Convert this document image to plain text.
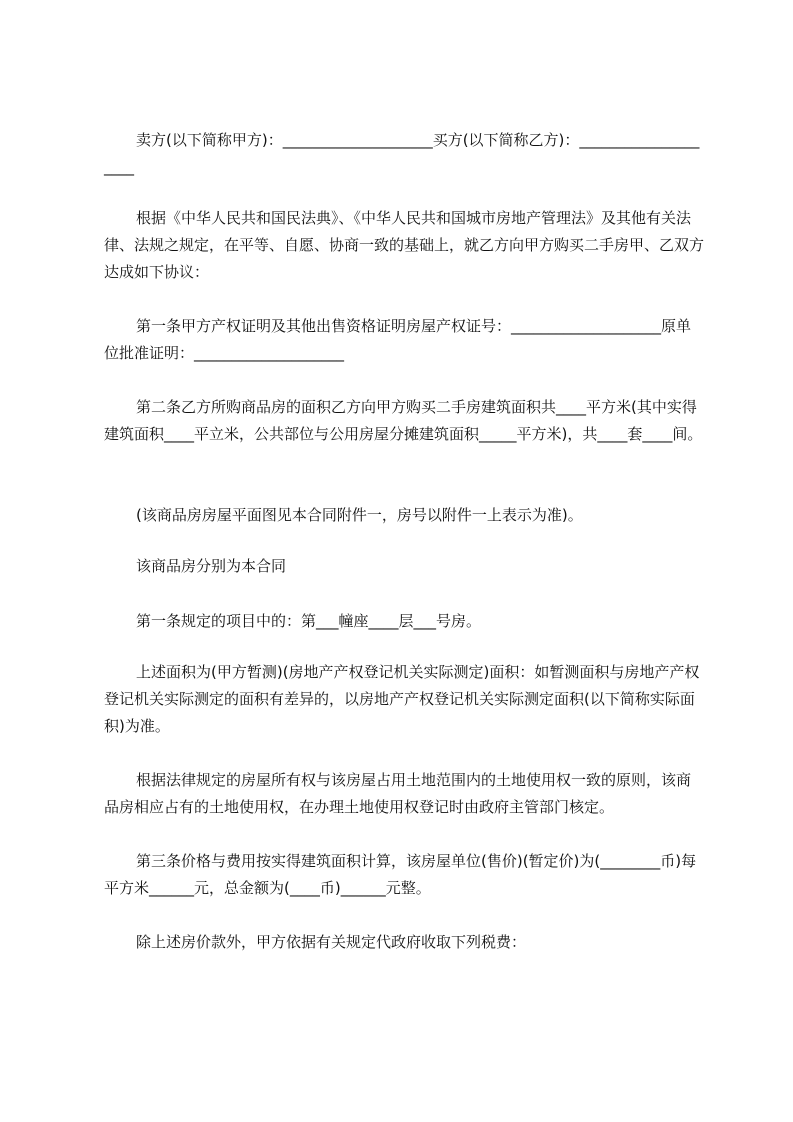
卖方(以下简称甲方)：____________________买方(以下简称乙方)：____________________

根据《中华人民共和国民法典》、《中华人民共和国城市房地产管理法》及其他有关法律、法规之规定，在平等、自愿、协商一致的基础上，就乙方向甲方购买二手房甲、乙双方达成如下协议：

第一条甲方产权证明及其他出售资格证明房屋产权证号：____________________原单位批准证明：____________________

第二条乙方所购商品房的面积乙方向甲方购买二手房建筑面积共____平方米(其中实得建筑面积____平立米，公共部位与公用房屋分摊建筑面积_____平方米)，共____套____间。

(该商品房房屋平面图见本合同附件一，房号以附件一上表示为准)。

该商品房分别为本合同

第一条规定的项目中的：第___幢座____层___号房。

上述面积为(甲方暂测)(房地产产权登记机关实际测定)面积：如暂测面积与房地产产权登记机关实际测定的面积有差异的，以房地产产权登记机关实际测定面积(以下简称实际面积)为准。

根据法律规定的房屋所有权与该房屋占用土地范围内的土地使用权一致的原则，该商品房相应占有的土地使用权，在办理土地使用权登记时由政府主管部门核定。

第三条价格与费用按实得建筑面积计算，该房屋单位(售价)(暂定价)为(________币)每平方米______元，总金额为(____币)______元整。

除上述房价款外，甲方依据有关规定代政府收取下列税费：
